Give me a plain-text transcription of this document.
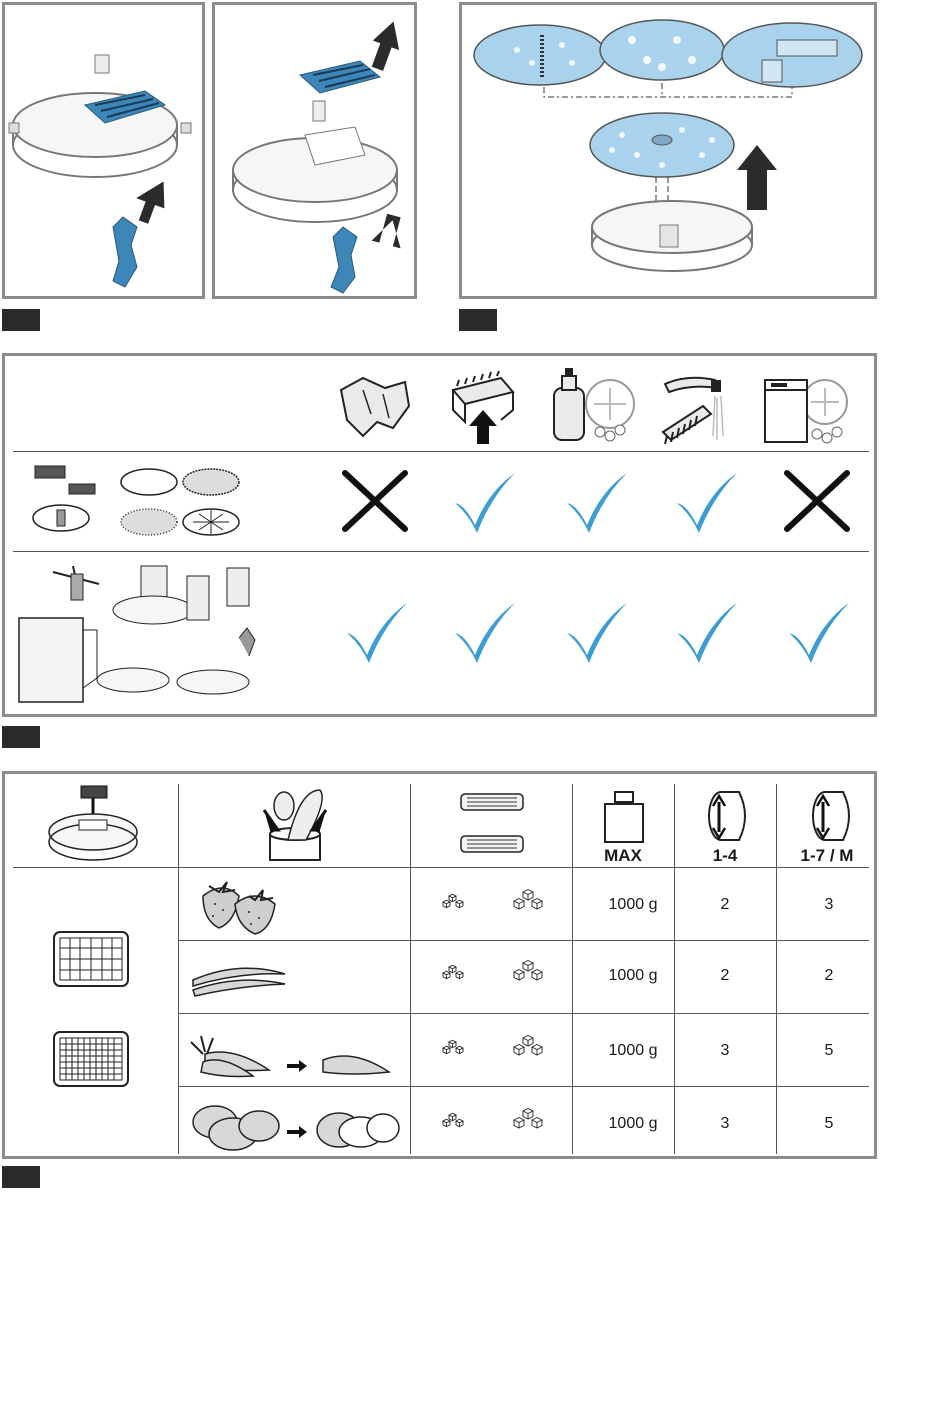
MAX	1-4	1-7 / M
1000 g	2	3
1000 g	2	2
1000 g	3	5
1000 g	3	5
